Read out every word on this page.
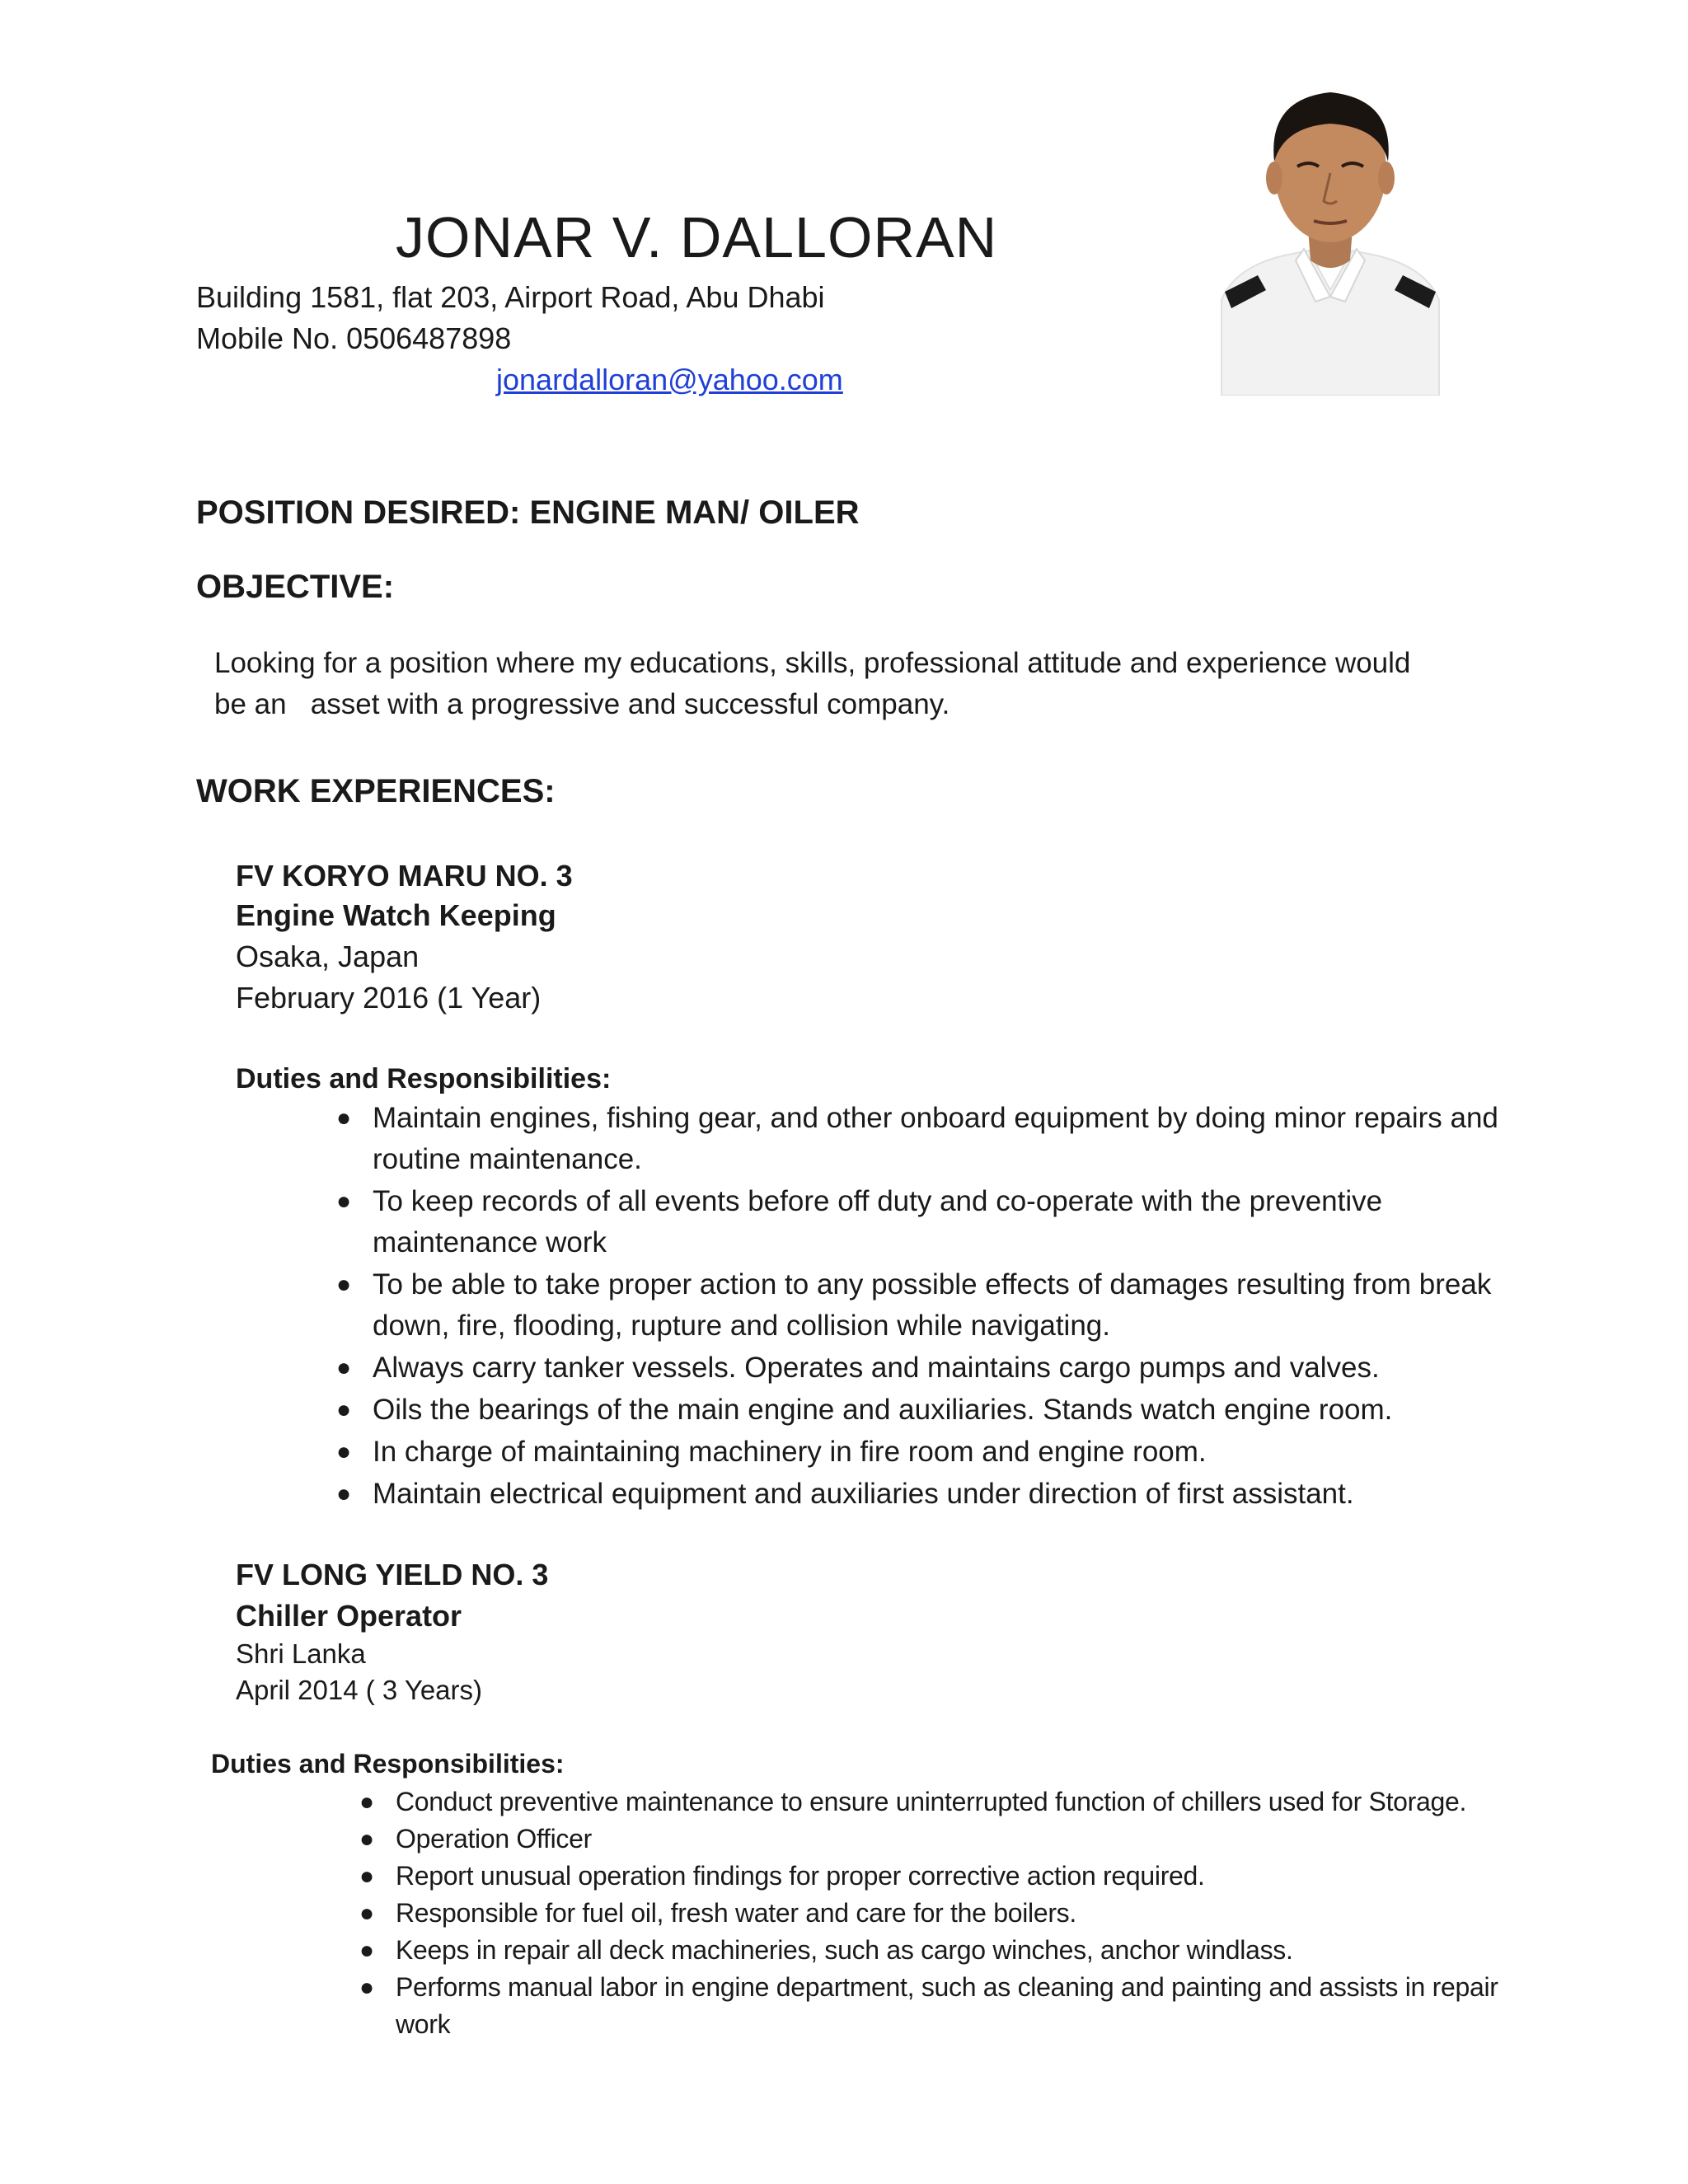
JONAR V. DALLORAN
Building 1581, flat 203, Airport Road, Abu Dhabi
Mobile No. 0506487898
jonardalloran@yahoo.com
POSITION DESIRED: ENGINE MAN/ OILER
OBJECTIVE:
Looking for a position where my educations, skills, professional attitude and experience would
be an   asset with a progressive and successful company.
WORK EXPERIENCES:
FV KORYO MARU NO. 3
Engine Watch Keeping
Osaka, Japan
February 2016 (1 Year)
Duties and Responsibilities:
● Maintain engines, fishing gear, and other onboard equipment by doing minor repairs and routine maintenance.
● To keep records of all events before off duty and co-operate with the preventive maintenance work
● To be able to take proper action to any possible effects of damages resulting from break down, fire, flooding, rupture and collision while navigating.
● Always carry tanker vessels. Operates and maintains cargo pumps and valves.
● Oils the bearings of the main engine and auxiliaries. Stands watch engine room.
● In charge of maintaining machinery in fire room and engine room.
● Maintain electrical equipment and auxiliaries under direction of first assistant.
FV LONG YIELD NO. 3
Chiller Operator
Shri Lanka
April 2014 ( 3 Years)
Duties and Responsibilities:
● Conduct preventive maintenance to ensure uninterrupted function of chillers used for Storage.
● Operation Officer
● Report unusual operation findings for proper corrective action required.
● Responsible for fuel oil, fresh water and care for the boilers.
● Keeps in repair all deck machineries, such as cargo winches, anchor windlass.
● Performs manual labor in engine department, such as cleaning and painting and assists in repair work
